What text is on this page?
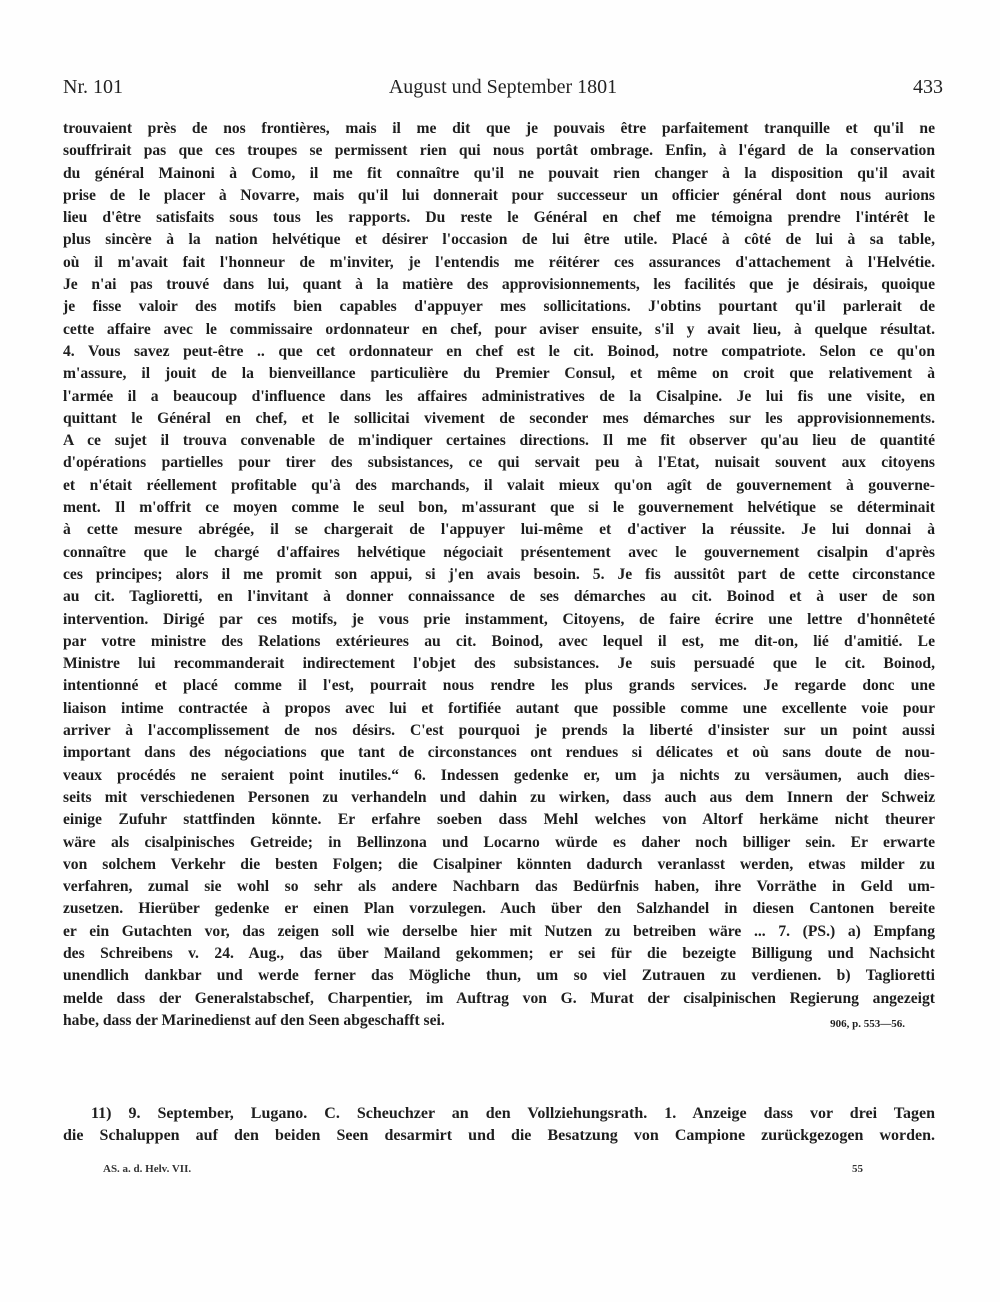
Nr. 101	August und September 1801	433
trouvaient près de nos frontières, mais il me dit que je pouvais être parfaitement tranquille et qu'il ne
souffrirait pas que ces troupes se permissent rien qui nous portât ombrage. Enfin, à l'égard de la conservation
du général Mainoni à Como, il me fit connaître qu'il ne pouvait rien changer à la disposition qu'il avait
prise de le placer à Novarre, mais qu'il lui donnerait pour successeur un officier général dont nous aurions
lieu d'être satisfaits sous tous les rapports. Du reste le Général en chef me témoigna prendre l'intérêt le
plus sincère à la nation helvétique et désirer l'occasion de lui être utile. Placé à côté de lui à sa table,
où il m'avait fait l'honneur de m'inviter, je l'entendis me réitérer ces assurances d'attachement à l'Helvétie.
Je n'ai pas trouvé dans lui, quant à la matière des approvisionnements, les facilités que je désirais, quoique
je fisse valoir des motifs bien capables d'appuyer mes sollicitations. J'obtins pourtant qu'il parlerait de
cette affaire avec le commissaire ordonnateur en chef, pour aviser ensuite, s'il y avait lieu, à quelque résultat.
4. Vous savez peut-être .. que cet ordonnateur en chef est le cit. Boinod, notre compatriote. Selon ce qu'on
m'assure, il jouit de la bienveillance particulière du Premier Consul, et même on croit que relativement à
l'armée il a beaucoup d'influence dans les affaires administratives de la Cisalpine. Je lui fis une visite, en
quittant le Général en chef, et le sollicitai vivement de seconder mes démarches sur les approvisionnements.
A ce sujet il trouva convenable de m'indiquer certaines directions. Il me fit observer qu'au lieu de quantité
d'opérations partielles pour tirer des subsistances, ce qui servait peu à l'Etat, nuisait souvent aux citoyens
et n'était réellement profitable qu'à des marchands, il valait mieux qu'on agît de gouvernement à gouverne-
ment. Il m'offrit ce moyen comme le seul bon, m'assurant que si le gouvernement helvétique se déterminait
à cette mesure abrégée, il se chargerait de l'appuyer lui-même et d'activer la réussite. Je lui donnai à
connaître que le chargé d'affaires helvétique négociait présentement avec le gouvernement cisalpin d'après
ces principes; alors il me promit son appui, si j'en avais besoin. 5. Je fis aussitôt part de cette circonstance
au cit. Taglioretti, en l'invitant à donner connaissance de ses démarches au cit. Boinod et à user de son
intervention. Dirigé par ces motifs, je vous prie instamment, Citoyens, de faire écrire une lettre d'honnêteté
par votre ministre des Relations extérieures au cit. Boinod, avec lequel il est, me dit-on, lié d'amitié. Le
Ministre lui recommanderait indirectement l'objet des subsistances. Je suis persuadé que le cit. Boinod,
intentionné et placé comme il l'est, pourrait nous rendre les plus grands services. Je regarde donc une
liaison intime contractée à propos avec lui et fortifiée autant que possible comme une excellente voie pour
arriver à l'accomplissement de nos désirs. C'est pourquoi je prends la liberté d'insister sur un point aussi
important dans des négociations que tant de circonstances ont rendues si délicates et où sans doute de nou-
veaux procédés ne seraient point inutiles.“ 6. Indessen gedenke er, um ja nichts zu versäumen, auch dies-
seits mit verschiedenen Personen zu verhandeln und dahin zu wirken, dass auch aus dem Innern der Schweiz
einige Zufuhr stattfinden könnte. Er erfahre soeben dass Mehl welches von Altorf herkäme nicht theurer
wäre als cisalpinisches Getreide; in Bellinzona und Locarno würde es daher noch billiger sein. Er erwarte
von solchem Verkehr die besten Folgen; die Cisalpiner könnten dadurch veranlasst werden, etwas milder zu
verfahren, zumal sie wohl so sehr als andere Nachbarn das Bedürfnis haben, ihre Vorräthe in Geld um-
zusetzen. Hierüber gedenke er einen Plan vorzulegen. Auch über den Salzhandel in diesen Cantonen bereite
er ein Gutachten vor, das zeigen soll wie derselbe hier mit Nutzen zu betreiben wäre ... 7. (PS.) a) Empfang
des Schreibens v. 24. Aug., das über Mailand gekommen; er sei für die bezeigte Billigung und Nachsicht
unendlich dankbar und werde ferner das Mögliche thun, um so viel Zutrauen zu verdienen. b) Taglioretti
melde dass der Generalstabschef, Charpentier, im Auftrag von G. Murat der cisalpinischen Regierung angezeigt
habe, dass der Marinedienst auf den Seen abgeschafft sei.	906, p. 553—56.
11) 9. September, Lugano. C. Scheuchzer an den Vollziehungsrath. 1. Anzeige dass vor drei Tagen
die Schaluppen auf den beiden Seen desarmirt und die Besatzung von Campione zurückgezogen worden.
AS. a. d. Helv. VII.	55
